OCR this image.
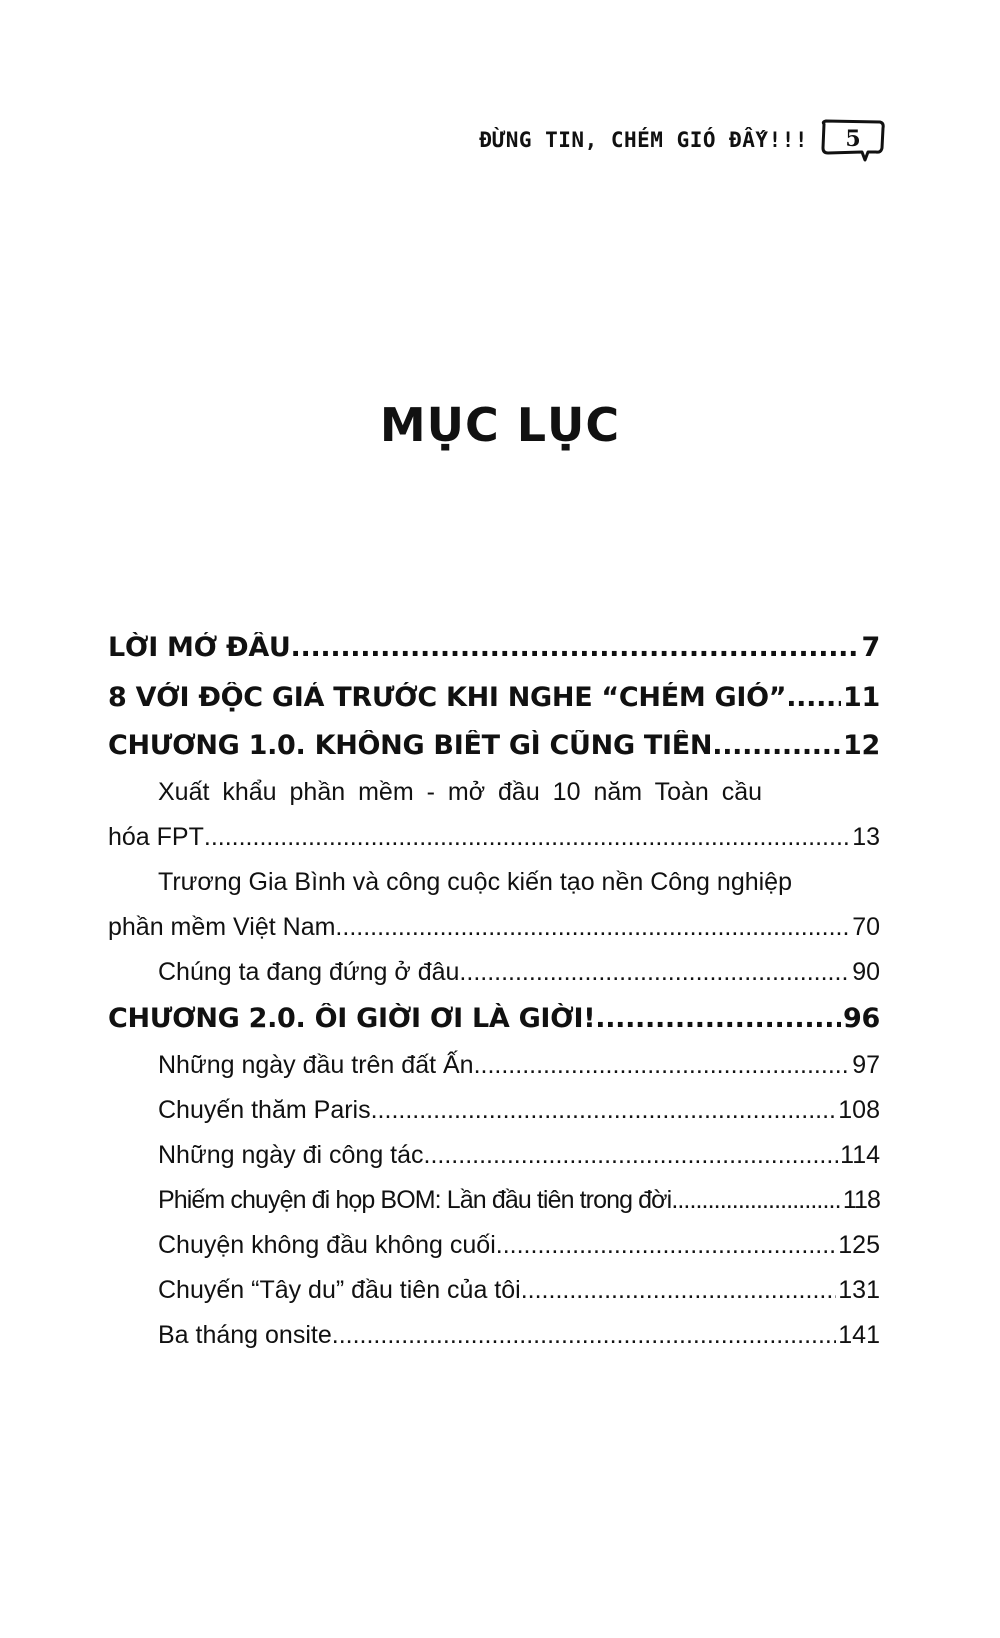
ĐỪNG TIN, CHÉM GIÓ ĐẤY!!!	5
MỤC LỤC
LỜI MỞ ĐẦU .....	7
8 VỚI ĐỘC GIẢ TRƯỚC KHI NGHE “CHÉM GIÓ” ..... 11
CHƯƠNG 1.0. KHÔNG BIẾT GÌ CŨNG TIẾN .....	12
Xuất khẩu phần mềm - mở đầu 10 năm Toàn cầu
hóa FPT .....	13
Trương Gia Bình và công cuộc kiến tạo nền Công nghiệp
phần mềm Việt Nam .....	70
Chúng ta đang đứng ở đâu .....	90
CHƯƠNG 2.0. ỐI GIỜI ƠI LÀ GIỜI! .....	96
Những ngày đầu trên đất Ấn .....	97
Chuyến thăm Paris .....	108
Những ngày đi công tác .....	114
Phiếm chuyện đi họp BOM: Lần đầu tiên trong đời .....	118
Chuyện không đầu không cuối .....	125
Chuyến “Tây du” đầu tiên của tôi .....	131
Ba tháng onsite .....	141
